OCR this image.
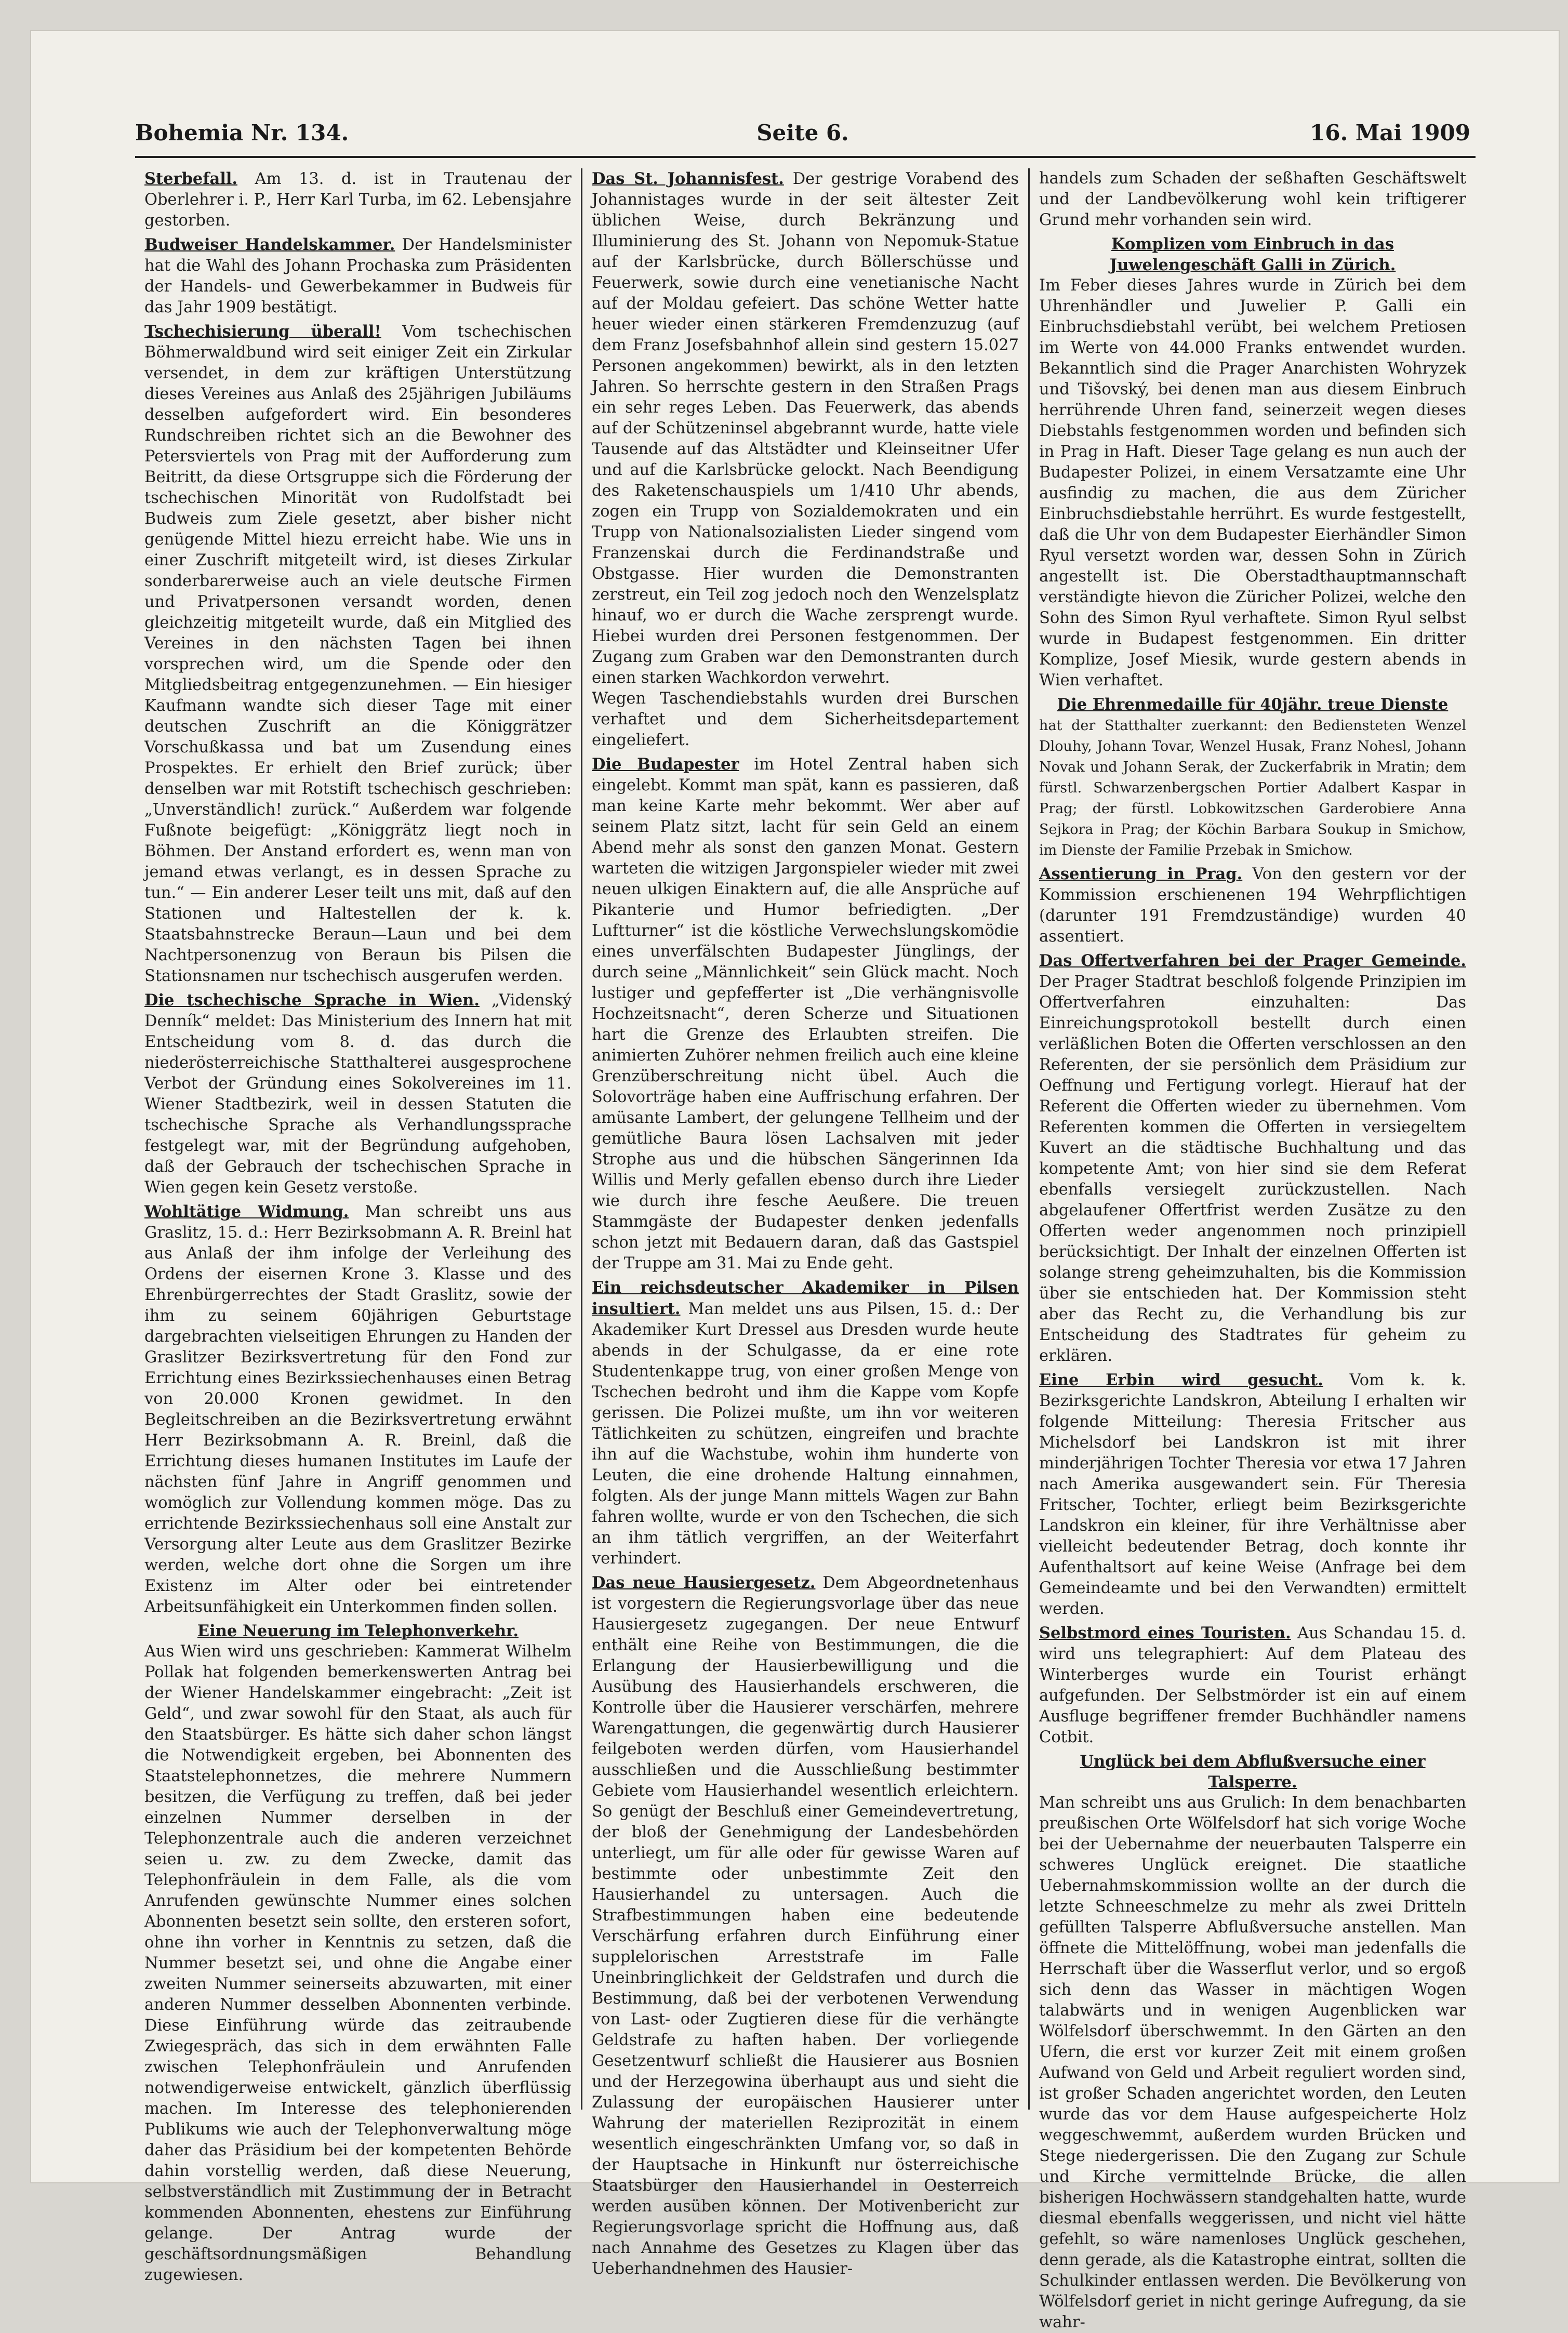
Bohemia Nr. 134.	Seite 6.	16. Mai 1909
Sterbefall. Am 13. d. ist in Trautenau der Oberlehrer i. P., Herr Karl Turba, im 62. Lebensjahre gestorben.
Budweiser Handelskammer. Der Handelsminister hat die Wahl des Johann Prochaska zum Präsidenten der Handels- und Gewerbekammer in Budweis für das Jahr 1909 bestätigt.
Tschechisierung überall! Vom tschechischen Böhmerwaldbund wird seit einiger Zeit ein Zirkular versendet, in dem zur kräftigen Unterstützung dieses Vereines aus Anlaß des 25jährigen Jubiläums desselben aufgefordert wird. Ein besonderes Rundschreiben richtet sich an die Bewohner des Petersviertels von Prag mit der Aufforderung zum Beitritt, da diese Ortsgruppe sich die Förderung der tschechischen Minorität von Rudolfstadt bei Budweis zum Ziele gesetzt, aber bisher nicht genügende Mittel hiezu erreicht habe. Wie uns in einer Zuschrift mitgeteilt wird, ist dieses Zirkular sonderbarerweise auch an viele deutsche Firmen und Privatpersonen versandt worden, denen gleichzeitig mitgeteilt wurde, daß ein Mitglied des Vereines in den nächsten Tagen bei ihnen vorsprechen wird, um die Spende oder den Mitgliedsbeitrag entgegenzunehmen. — Ein hiesiger Kaufmann wandte sich dieser Tage mit einer deutschen Zuschrift an die Königgrätzer Vorschußkassa und bat um Zusendung eines Prospektes. Er erhielt den Brief zurück; über denselben war mit Rotstift tschechisch geschrieben: „Unverständlich! zurück.“ Außerdem war folgende Fußnote beigefügt: „Königgrätz liegt noch in Böhmen. Der Anstand erfordert es, wenn man von jemand etwas verlangt, es in dessen Sprache zu tun.“ — Ein anderer Leser teilt uns mit, daß auf den Stationen und Haltestellen der k. k. Staatsbahnstrecke Beraun—Laun und bei dem Nachtpersonenzug von Beraun bis Pilsen die Stationsnamen nur tschechisch ausgerufen werden.
Die tschechische Sprache in Wien. „Videnský Denník“ meldet: Das Ministerium des Innern hat mit Entscheidung vom 8. d. das durch die niederösterreichische Statthalterei ausgesprochene Verbot der Gründung eines Sokolvereines im 11. Wiener Stadtbezirk, weil in dessen Statuten die tschechische Sprache als Verhandlungssprache festgelegt war, mit der Begründung aufgehoben, daß der Gebrauch der tschechischen Sprache in Wien gegen kein Gesetz verstoße.
Wohltätige Widmung. Man schreibt uns aus Graslitz, 15. d.: Herr Bezirksobmann A. R. Breinl hat aus Anlaß der ihm infolge der Verleihung des Ordens der eisernen Krone 3. Klasse und des Ehrenbürgerrechtes der Stadt Graslitz, sowie der ihm zu seinem 60jährigen Geburtstage dargebrachten vielseitigen Ehrungen zu Handen der Graslitzer Bezirksvertretung für den Fond zur Errichtung eines Bezirkssiechenhauses einen Betrag von 20.000 Kronen gewidmet. In den Begleitschreiben an die Bezirksvertretung erwähnt Herr Bezirksobmann A. R. Breinl, daß die Errichtung dieses humanen Institutes im Laufe der nächsten fünf Jahre in Angriff genommen und womöglich zur Vollendung kommen möge. Das zu errichtende Bezirkssiechenhaus soll eine Anstalt zur Versorgung alter Leute aus dem Graslitzer Bezirke werden, welche dort ohne die Sorgen um ihre Existenz im Alter oder bei eintretender Arbeitsunfähigkeit ein Unterkommen finden sollen.
Eine Neuerung im Telephonverkehr.
Aus Wien wird uns geschrieben: Kammerat Wilhelm Pollak hat folgenden bemerkenswerten Antrag bei der Wiener Handelskammer eingebracht: „Zeit ist Geld“, und zwar sowohl für den Staat, als auch für den Staatsbürger. Es hätte sich daher schon längst die Notwendigkeit ergeben, bei Abonnenten des Staatstelephonnetzes, die mehrere Nummern besitzen, die Verfügung zu treffen, daß bei jeder einzelnen Nummer derselben in der Telephonzentrale auch die anderen verzeichnet seien u. zw. zu dem Zwecke, damit das Telephonfräulein in dem Falle, als die vom Anrufenden gewünschte Nummer eines solchen Abonnenten besetzt sein sollte, den ersteren sofort, ohne ihn vorher in Kenntnis zu setzen, daß die Nummer besetzt sei, und ohne die Angabe einer zweiten Nummer seinerseits abzuwarten, mit einer anderen Nummer desselben Abonnenten verbinde. Diese Einführung würde das zeitraubende Zwiegespräch, das sich in dem erwähnten Falle zwischen Telephonfräulein und Anrufenden notwendigerweise entwickelt, gänzlich überflüssig machen. Im Interesse des telephonierenden Publikums wie auch der Telephonverwaltung möge daher das Präsidium bei der kompetenten Behörde dahin vorstellig werden, daß diese Neuerung, selbstverständlich mit Zustimmung der in Betracht kommenden Abonnenten, ehestens zur Einführung gelange. Der Antrag wurde der geschäftsordnungsmäßigen Behandlung zugewiesen.
Das St. Johannisfest. Der gestrige Vorabend des Johannistages wurde in der seit ältester Zeit üblichen Weise, durch Bekränzung und Illuminierung des St. Johann von Nepomuk-Statue auf der Karlsbrücke, durch Böllerschüsse und Feuerwerk, sowie durch eine venetianische Nacht auf der Moldau gefeiert. Das schöne Wetter hatte heuer wieder einen stärkeren Fremdenzuzug (auf dem Franz Josefsbahnhof allein sind gestern 15.027 Personen angekommen) bewirkt, als in den letzten Jahren. So herrschte gestern in den Straßen Prags ein sehr reges Leben. Das Feuerwerk, das abends auf der Schützeninsel abgebrannt wurde, hatte viele Tausende auf das Altstädter und Kleinseitner Ufer und auf die Karlsbrücke gelockt. Nach Beendigung des Raketenschauspiels um 1/410 Uhr abends, zogen ein Trupp von Sozialdemokraten und ein Trupp von Nationalsozialisten Lieder singend vom Franzenskai durch die Ferdinandstraße und Obstgasse. Hier wurden die Demonstranten zerstreut, ein Teil zog jedoch noch den Wenzelsplatz hinauf, wo er durch die Wache zersprengt wurde. Hiebei wurden drei Personen festgenommen. Der Zugang zum Graben war den Demonstranten durch einen starken Wachkordon verwehrt.

Wegen Taschendiebstahls wurden drei Burschen verhaftet und dem Sicherheitsdepartement eingeliefert.

Die Budapester im Hotel Zentral haben sich eingelebt. Kommt man spät, kann es passieren, daß man keine Karte mehr bekommt. Wer aber auf seinem Platz sitzt, lacht für sein Geld an einem Abend mehr als sonst den ganzen Monat. Gestern warteten die witzigen Jargonspieler wieder mit zwei neuen ulkigen Einaktern auf, die alle Ansprüche auf Pikanterie und Humor befriedigten. „Der Luftturner“ ist die köstliche Verwechslungskomödie eines unverfälschten Budapester Jünglings, der durch seine „Männlichkeit“ sein Glück macht. Noch lustiger und gepfefferter ist „Die verhängnisvolle Hochzeitsnacht“, deren Scherze und Situationen hart die Grenze des Erlaubten streifen. Die animierten Zuhörer nehmen freilich auch eine kleine Grenzüberschreitung nicht übel. Auch die Solovorträge haben eine Auffrischung erfahren. Der amüsante Lambert, der gelungene Tellheim und der gemütliche Baura lösen Lachsalven mit jeder Strophe aus und die hübschen Sängerinnen Ida Willis und Merly gefallen ebenso durch ihre Lieder wie durch ihre fesche Aeußere. Die treuen Stammgäste der Budapester denken jedenfalls schon jetzt mit Bedauern daran, daß das Gastspiel der Truppe am 31. Mai zu Ende geht.
Ein reichsdeutscher Akademiker in Pilsen insultiert. Man meldet uns aus Pilsen, 15. d.: Der Akademiker Kurt Dressel aus Dresden wurde heute abends in der Schulgasse, da er eine rote Studentenkappe trug, von einer großen Menge von Tschechen bedroht und ihm die Kappe vom Kopfe gerissen. Die Polizei mußte, um ihn vor weiteren Tätlichkeiten zu schützen, eingreifen und brachte ihn auf die Wachstube, wohin ihm hunderte von Leuten, die eine drohende Haltung einnahmen, folgten. Als der junge Mann mittels Wagen zur Bahn fahren wollte, wurde er von den Tschechen, die sich an ihm tätlich vergriffen, an der Weiterfahrt verhindert.
Das neue Hausiergesetz. Dem Abgeordnetenhaus ist vorgestern die Regierungsvorlage über das neue Hausiergesetz zugegangen. Der neue Entwurf enthält eine Reihe von Bestimmungen, die die Erlangung der Hausierbewilligung und die Ausübung des Hausierhandels erschweren, die Kontrolle über die Hausierer verschärfen, mehrere Warengattungen, die gegenwärtig durch Hausierer feilgeboten werden dürfen, vom Hausierhandel ausschließen und die Ausschließung bestimmter Gebiete vom Hausierhandel wesentlich erleichtern. So genügt der Beschluß einer Gemeindevertretung, der bloß der Genehmigung der Landesbehörden unterliegt, um für alle oder für gewisse Waren auf bestimmte oder unbestimmte Zeit den Hausierhandel zu untersagen. Auch die Strafbestimmungen haben eine bedeutende Verschärfung erfahren durch Einführung einer supplelorischen Arreststrafe im Falle Uneinbringlichkeit der Geldstrafen und durch die Bestimmung, daß bei der verbotenen Verwendung von Last- oder Zugtieren diese für die verhängte Geldstrafe zu haften haben. Der vorliegende Gesetzentwurf schließt die Hausierer aus Bosnien und der Herzegowina überhaupt aus und sieht die Zulassung der europäischen Hausierer unter Wahrung der materiellen Reziprozität in einem wesentlich eingeschränkten Umfang vor, so daß in der Hauptsache in Hinkunft nur österreichische Staatsbürger den Hausierhandel in Oesterreich werden ausüben können. Der Motivenbericht zur Regierungsvorlage spricht die Hoffnung aus, daß nach Annahme des Gesetzes zu Klagen über das Ueberhandnehmen des Hausier-
handels zum Schaden der seßhaften Geschäftswelt und der Landbevölkerung wohl kein triftigerer Grund mehr vorhanden sein wird.
Komplizen vom Einbruch in das Juwelengeschäft Galli in Zürich.
Im Feber dieses Jahres wurde in Zürich bei dem Uhrenhändler und Juwelier P. Galli ein Einbruchsdiebstahl verübt, bei welchem Pretiosen im Werte von 44.000 Franks entwendet wurden. Bekanntlich sind die Prager Anarchisten Wohryzek und Tišovský, bei denen man aus diesem Einbruch herrührende Uhren fand, seinerzeit wegen dieses Diebstahls festgenommen worden und befinden sich in Prag in Haft. Dieser Tage gelang es nun auch der Budapester Polizei, in einem Versatzamte eine Uhr ausfindig zu machen, die aus dem Züricher Einbruchsdiebstahle herrührt. Es wurde festgestellt, daß die Uhr von dem Budapester Eierhändler Simon Ryul versetzt worden war, dessen Sohn in Zürich angestellt ist. Die Oberstadthauptmannschaft verständigte hievon die Züricher Polizei, welche den Sohn des Simon Ryul verhaftete. Simon Ryul selbst wurde in Budapest festgenommen. Ein dritter Komplize, Josef Miesik, wurde gestern abends in Wien verhaftet.
Die Ehrenmedaille für 40jähr. treue Dienste
hat der Statthalter zuerkannt: den Bediensteten Wenzel Dlouhy, Johann Tovar, Wenzel Husak, Franz Nohesl, Johann Novak und Johann Serak, der Zuckerfabrik in Mratin; dem fürstl. Schwarzenbergschen Portier Adalbert Kaspar in Prag; der fürstl. Lobkowitzschen Garderobiere Anna Sejkora in Prag; der Köchin Barbara Soukup in Smichow, im Dienste der Familie Przebak in Smichow.
Assentierung in Prag. Von den gestern vor der Kommission erschienenen 194 Wehrpflichtigen (darunter 191 Fremdzuständige) wurden 40 assentiert.
Das Offertverfahren bei der Prager Gemeinde. Der Prager Stadtrat beschloß folgende Prinzipien im Offertverfahren einzuhalten: Das Einreichungsprotokoll bestellt durch einen verläßlichen Boten die Offerten verschlossen an den Referenten, der sie persönlich dem Präsidium zur Oeffnung und Fertigung vorlegt. Hierauf hat der Referent die Offerten wieder zu übernehmen. Vom Referenten kommen die Offerten in versiegeltem Kuvert an die städtische Buchhaltung und das kompetente Amt; von hier sind sie dem Referat ebenfalls versiegelt zurückzustellen. Nach abgelaufener Offertfrist werden Zusätze zu den Offerten weder angenommen noch prinzipiell berücksichtigt. Der Inhalt der einzelnen Offerten ist solange streng geheimzuhalten, bis die Kommission über sie entschieden hat. Der Kommission steht aber das Recht zu, die Verhandlung bis zur Entscheidung des Stadtrates für geheim zu erklären.
Eine Erbin wird gesucht. Vom k. k. Bezirksgerichte Landskron, Abteilung I erhalten wir folgende Mitteilung: Theresia Fritscher aus Michelsdorf bei Landskron ist mit ihrer minderjährigen Tochter Theresia vor etwa 17 Jahren nach Amerika ausgewandert sein. Für Theresia Fritscher, Tochter, erliegt beim Bezirksgerichte Landskron ein kleiner, für ihre Verhältnisse aber vielleicht bedeutender Betrag, doch konnte ihr Aufenthaltsort auf keine Weise (Anfrage bei dem Gemeindeamte und bei den Verwandten) ermittelt werden.
Selbstmord eines Touristen. Aus Schandau 15. d. wird uns telegraphiert: Auf dem Plateau des Winterberges wurde ein Tourist erhängt aufgefunden. Der Selbstmörder ist ein auf einem Ausfluge begriffener fremder Buchhändler namens Cotbit.
Unglück bei dem Abflußversuche einer Talsperre.
Man schreibt uns aus Grulich: In dem benachbarten preußischen Orte Wölfelsdorf hat sich vorige Woche bei der Uebernahme der neuerbauten Talsperre ein schweres Unglück ereignet. Die staatliche Uebernahmskommission wollte an der durch die letzte Schneeschmelze zu mehr als zwei Dritteln gefüllten Talsperre Abflußversuche anstellen. Man öffnete die Mittelöffnung, wobei man jedenfalls die Herrschaft über die Wasserflut verlor, und so ergoß sich denn das Wasser in mächtigen Wogen talabwärts und in wenigen Augenblicken war Wölfelsdorf überschwemmt. In den Gärten an den Ufern, die erst vor kurzer Zeit mit einem großen Aufwand von Geld und Arbeit reguliert worden sind, ist großer Schaden angerichtet worden, den Leuten wurde das vor dem Hause aufgespeicherte Holz weggeschwemmt, außerdem wurden Brücken und Stege niedergerissen. Die den Zugang zur Schule und Kirche vermittelnde Brücke, die allen bisherigen Hochwässern standgehalten hatte, wurde diesmal ebenfalls weggerissen, und nicht viel hätte gefehlt, so wäre namenloses Unglück geschehen, denn gerade, als die Katastrophe eintrat, sollten die Schulkinder entlassen werden. Die Bevölkerung von Wölfelsdorf geriet in nicht geringe Aufregung, da sie wahr-
